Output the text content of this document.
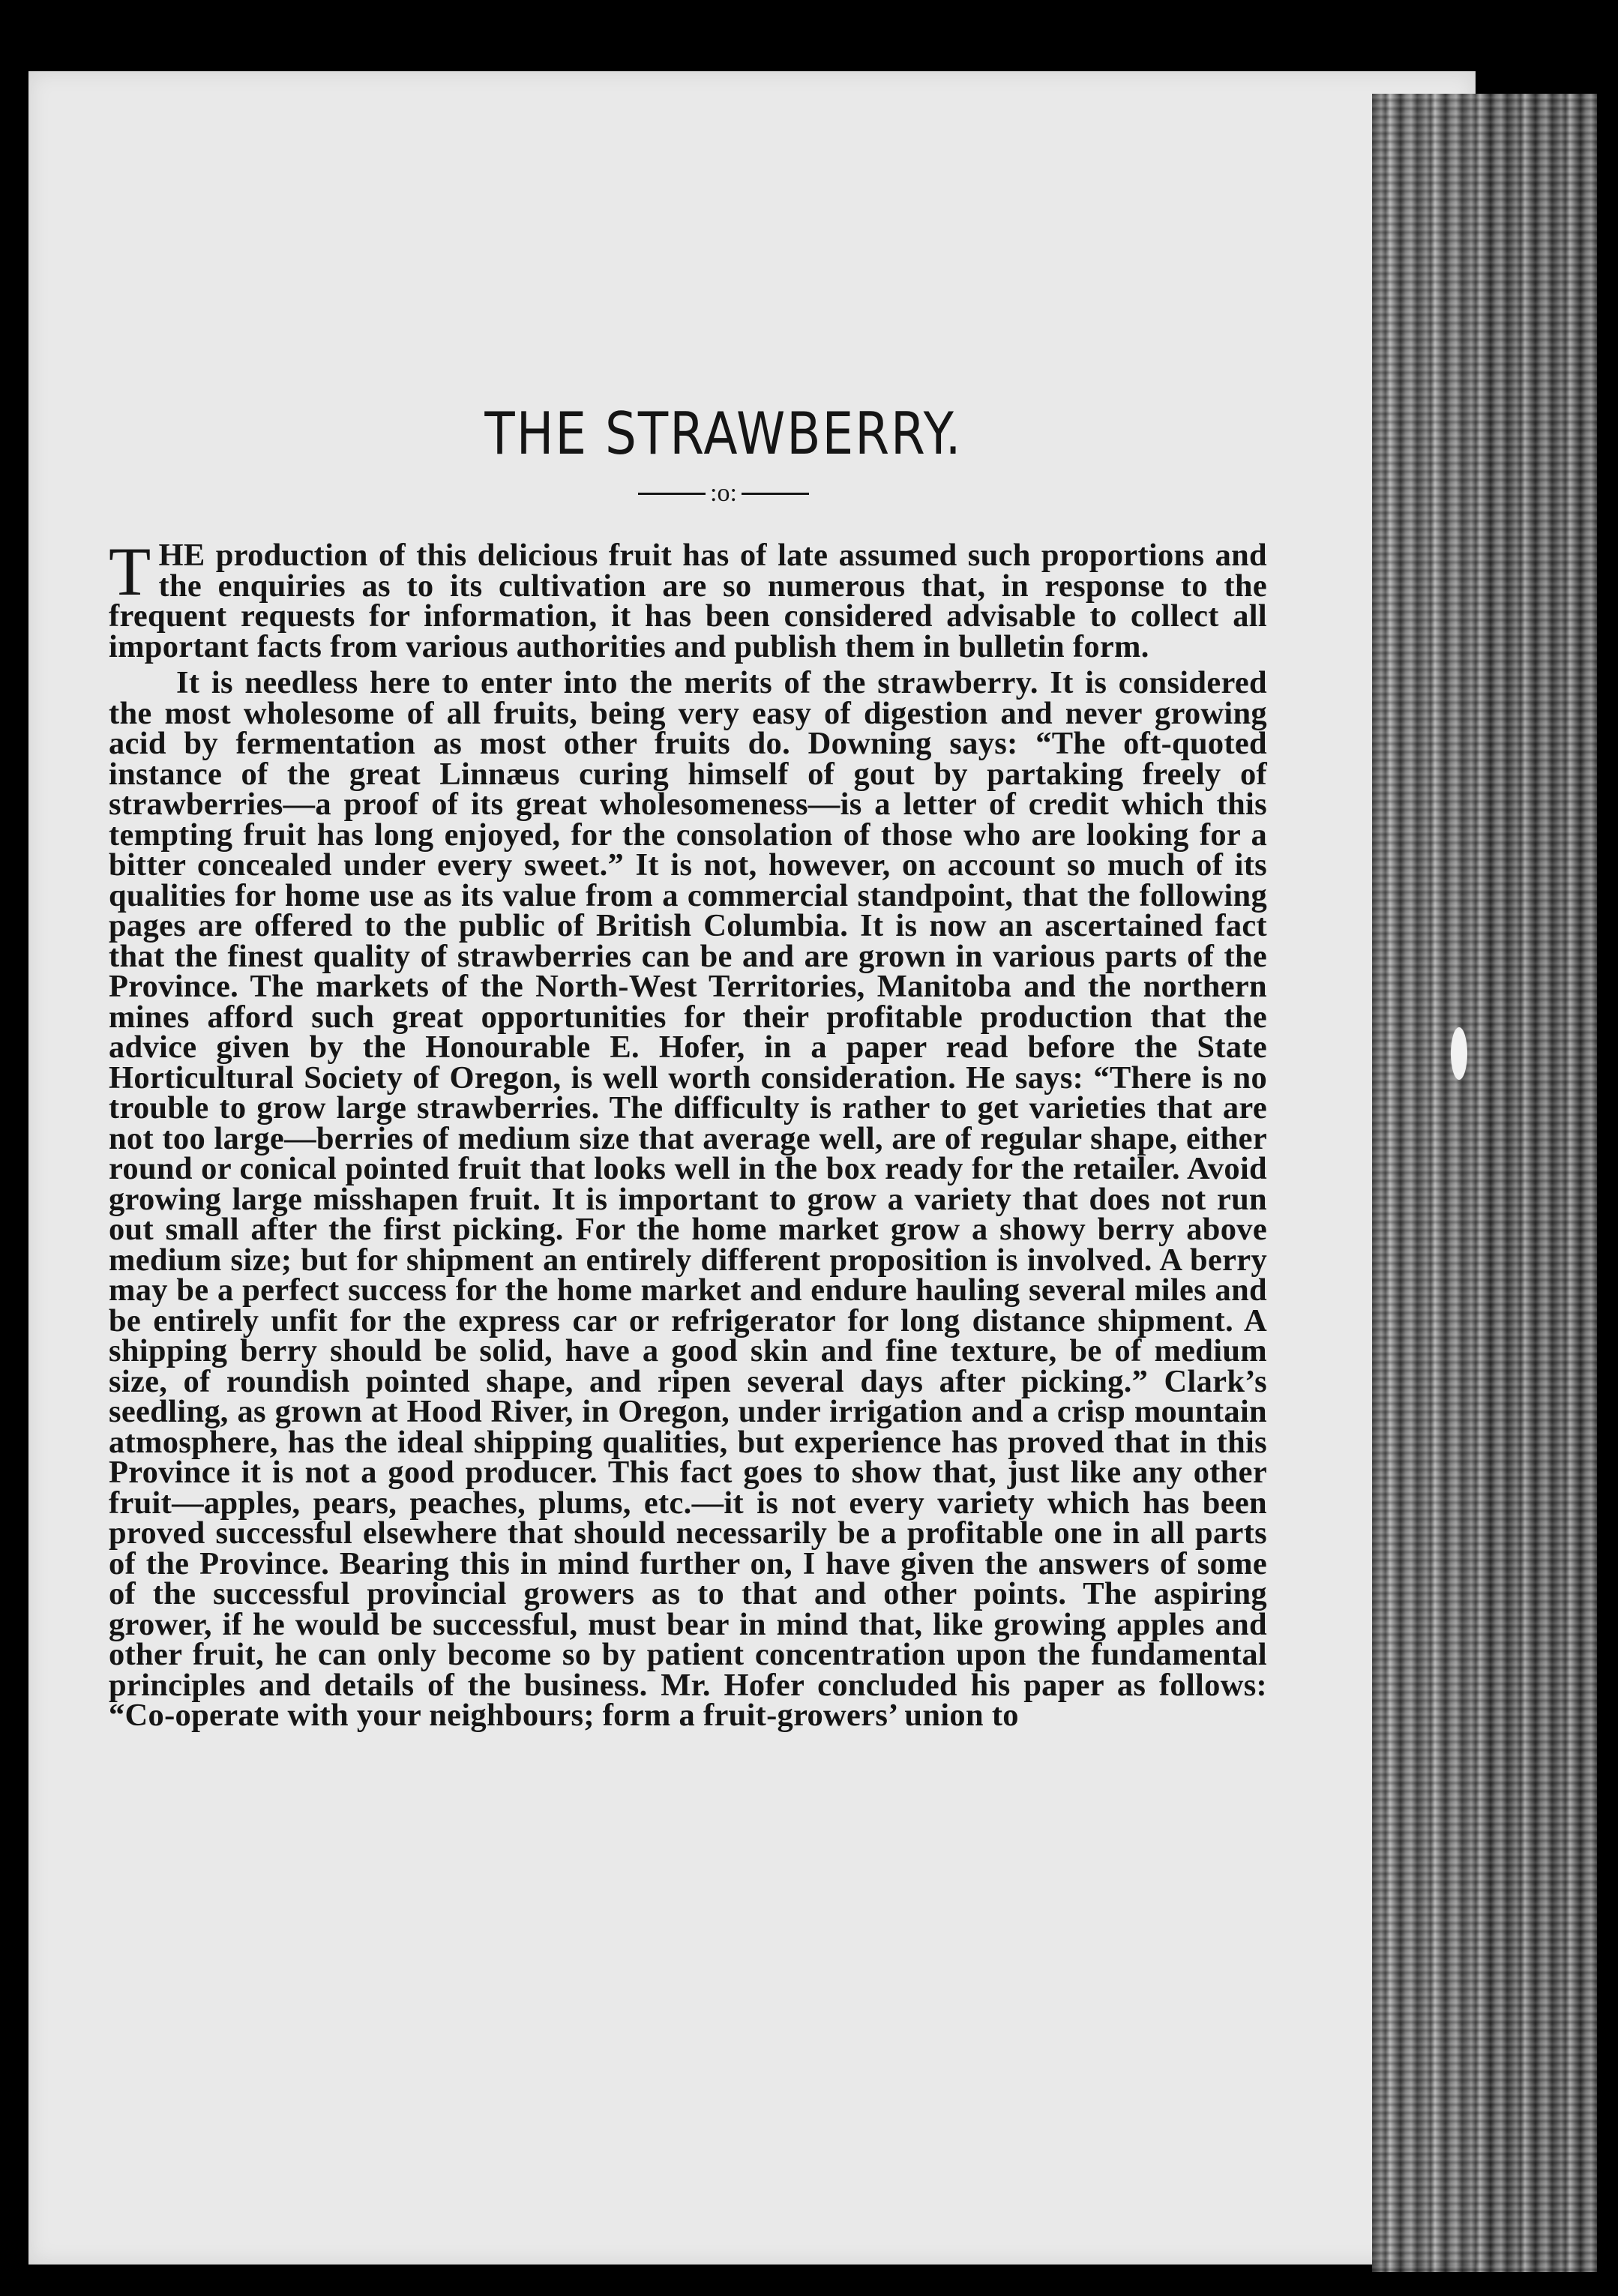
THE STRAWBERRY.
:o:

THE production of this delicious fruit has of late assumed such proportions and the enquiries as to its cultivation are so numerous that, in response to the frequent requests for information, it has been considered advisable to collect all important facts from various authorities and publish them in bulletin form.

It is needless here to enter into the merits of the strawberry. It is considered the most wholesome of all fruits, being very easy of digestion and never growing acid by fermentation as most other fruits do. Downing says: “The oft-quoted instance of the great Linnæus curing himself of gout by partaking freely of strawberries—a proof of its great wholesomeness—is a letter of credit which this tempting fruit has long enjoyed, for the consolation of those who are looking for a bitter concealed under every sweet.” It is not, however, on account so much of its qualities for home use as its value from a commercial standpoint, that the following pages are offered to the public of British Columbia. It is now an ascertained fact that the finest quality of strawberries can be and are grown in various parts of the Province. The markets of the North-West Territories, Manitoba and the northern mines afford such great opportunities for their profitable production that the advice given by the Honourable E. Hofer, in a paper read before the State Horticultural Society of Oregon, is well worth consideration. He says: “There is no trouble to grow large strawberries. The difficulty is rather to get varieties that are not too large—berries of medium size that average well, are of regular shape, either round or conical pointed fruit that looks well in the box ready for the retailer. Avoid growing large misshapen fruit. It is important to grow a variety that does not run out small after the first picking. For the home market grow a showy berry above medium size; but for shipment an entirely different proposition is involved. A berry may be a perfect success for the home market and endure hauling several miles and be entirely unfit for the express car or refrigerator for long distance shipment. A shipping berry should be solid, have a good skin and fine texture, be of medium size, of roundish pointed shape, and ripen several days after picking.” Clark’s seedling, as grown at Hood River, in Oregon, under irrigation and a crisp mountain atmosphere, has the ideal shipping qualities, but experience has proved that in this Province it is not a good producer. This fact goes to show that, just like any other fruit—apples, pears, peaches, plums, etc.—it is not every variety which has been proved successful elsewhere that should necessarily be a profitable one in all parts of the Province. Bearing this in mind further on, I have given the answers of some of the successful provincial growers as to that and other points. The aspiring grower, if he would be successful, must bear in mind that, like growing apples and other fruit, he can only become so by patient concentration upon the fundamental principles and details of the business. Mr. Hofer concluded his paper as follows: “Co-operate with your neighbours; form a fruit-growers’ union to
